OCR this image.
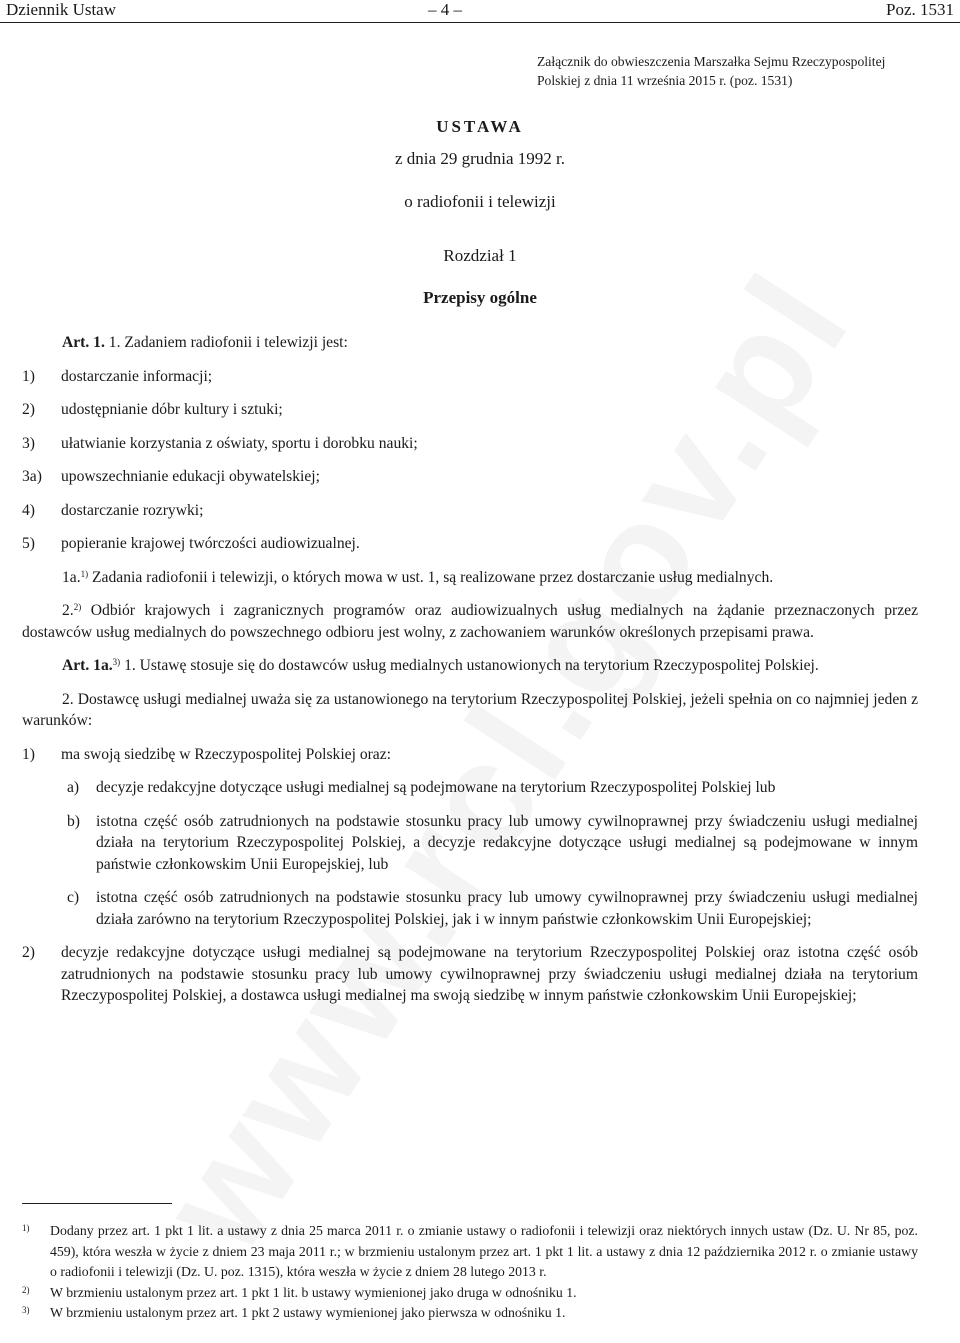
Dziennik Ustaw	– 4 –	Poz. 1531
Załącznik do obwieszczenia Marszałka Sejmu Rzeczypospolitej
Polskiej z dnia 11 września 2015 r. (poz. 1531)
USTAWA
z dnia 29 grudnia 1992 r.
o radiofonii i telewizji
Rozdział 1
Przepisy ogólne
Art. 1. 1. Zadaniem radiofonii i telewizji jest:
1)	dostarczanie informacji;
2)	udostępnianie dóbr kultury i sztuki;
3)	ułatwianie korzystania z oświaty, sportu i dorobku nauki;
3a)	upowszechnianie edukacji obywatelskiej;
4)	dostarczanie rozrywki;
5)	popieranie krajowej twórczości audiowizualnej.
1a.$^{1)}$ Zadania radiofonii i telewizji, o których mowa w ust. 1, są realizowane przez dostarczanie usług medialnych.
2.$^{2)}$ Odbiór krajowych i zagranicznych programów oraz audiowizualnych usług medialnych na żądanie przeznaczonych przez dostawców usług medialnych do powszechnego odbioru jest wolny, z zachowaniem warunków określonych przepisami prawa.
Art. 1a.$^{3)}$ 1. Ustawę stosuje się do dostawców usług medialnych ustanowionych na terytorium Rzeczypospolitej Polskiej.
2. Dostawcę usługi medialnej uważa się za ustanowionego na terytorium Rzeczypospolitej Polskiej, jeżeli spełnia on co najmniej jeden z warunków:
1)	ma swoją siedzibę w Rzeczypospolitej Polskiej oraz:
a)	decyzje redakcyjne dotyczące usługi medialnej są podejmowane na terytorium Rzeczypospolitej Polskiej lub
b)	istotna część osób zatrudnionych na podstawie stosunku pracy lub umowy cywilnoprawnej przy świadczeniu usługi medialnej działa na terytorium Rzeczypospolitej Polskiej, a decyzje redakcyjne dotyczące usługi medialnej są podejmowane w innym państwie członkowskim Unii Europejskiej, lub
c)	istotna część osób zatrudnionych na podstawie stosunku pracy lub umowy cywilnoprawnej przy świadczeniu usługi medialnej działa zarówno na terytorium Rzeczypospolitej Polskiej, jak i w innym państwie członkowskim Unii Europejskiej;
2)	decyzje redakcyjne dotyczące usługi medialnej są podejmowane na terytorium Rzeczypospolitej Polskiej oraz istotna część osób zatrudnionych na podstawie stosunku pracy lub umowy cywilnoprawnej przy świadczeniu usługi medialnej działa na terytorium Rzeczypospolitej Polskiej, a dostawca usługi medialnej ma swoją siedzibę w innym państwie członkowskim Unii Europejskiej;
1)	Dodany przez art. 1 pkt 1 lit. a ustawy z dnia 25 marca 2011 r. o zmianie ustawy o radiofonii i telewizji oraz niektórych innych ustaw (Dz. U. Nr 85, poz. 459), która weszła w życie z dniem 23 maja 2011 r.; w brzmieniu ustalonym przez art. 1 pkt 1 lit. a ustawy z dnia 12 października 2012 r. o zmianie ustawy o radiofonii i telewizji (Dz. U. poz. 1315), która weszła w życie z dniem 28 lutego 2013 r.
2)	W brzmieniu ustalonym przez art. 1 pkt 1 lit. b ustawy wymienionej jako druga w odnośniku 1.
3)	W brzmieniu ustalonym przez art. 1 pkt 2 ustawy wymienionej jako pierwsza w odnośniku 1.
